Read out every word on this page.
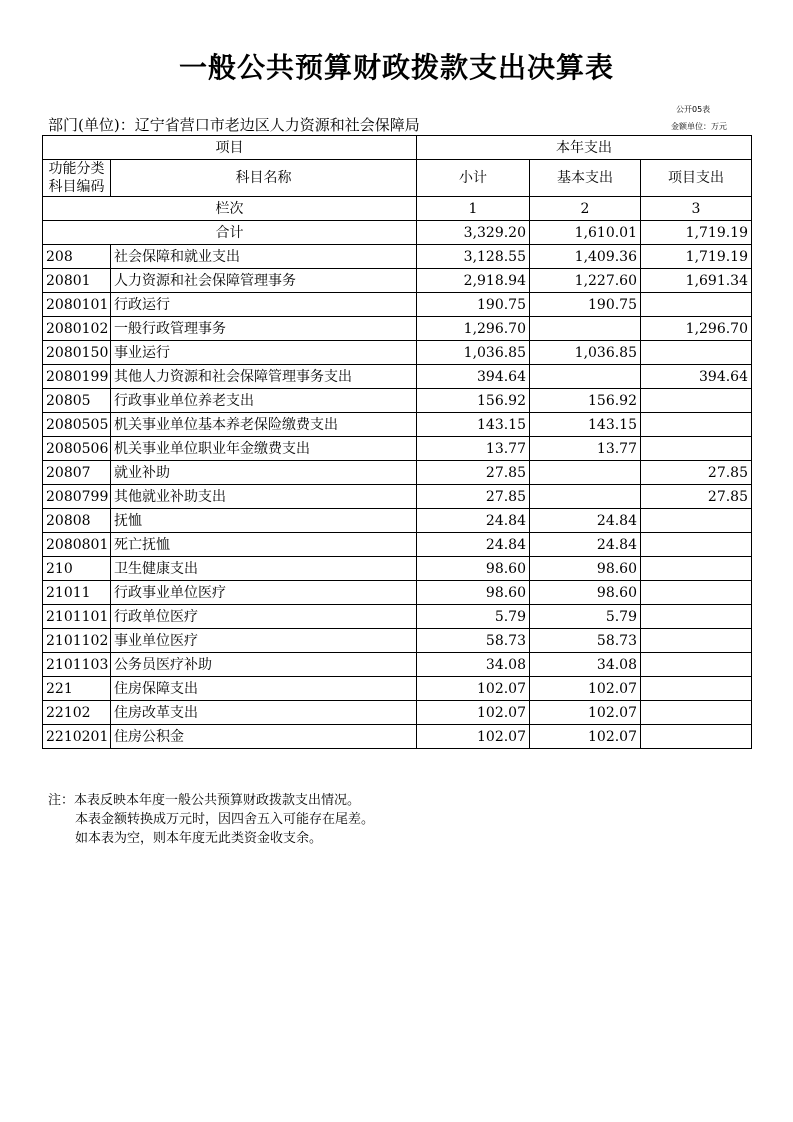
一般公共预算财政拨款支出决算表
公开05表
金额单位：万元
部门(单位)：辽宁省营口市老边区人力资源和社会保障局
项目		本年支出		
功能分类科目编码	科目名称	小计	基本支出	项目支出
栏次		1	2	3
合计		3,329.20	1,610.01	1,719.19
208	社会保障和就业支出	3,128.55	1,409.36	1,719.19
20801	人力资源和社会保障管理事务	2,918.94	1,227.60	1,691.34
2080101	行政运行	190.75	190.75	
2080102	一般行政管理事务	1,296.70		1,296.70
2080150	事业运行	1,036.85	1,036.85	
2080199	其他人力资源和社会保障管理事务支出	394.64		394.64
20805	行政事业单位养老支出	156.92	156.92	
2080505	机关事业单位基本养老保险缴费支出	143.15	143.15	
2080506	机关事业单位职业年金缴费支出	13.77	13.77	
20807	就业补助	27.85		27.85
2080799	其他就业补助支出	27.85		27.85
20808	抚恤	24.84	24.84	
2080801	死亡抚恤	24.84	24.84	
210	卫生健康支出	98.60	98.60	
21011	行政事业单位医疗	98.60	98.60	
2101101	行政单位医疗	5.79	5.79	
2101102	事业单位医疗	58.73	58.73	
2101103	公务员医疗补助	34.08	34.08	
221	住房保障支出	102.07	102.07	
22102	住房改革支出	102.07	102.07	
2210201	住房公积金	102.07	102.07	
注：本表反映本年度一般公共预算财政拨款支出情况。
本表金额转换成万元时，因四舍五入可能存在尾差。
如本表为空，则本年度无此类资金收支余。
